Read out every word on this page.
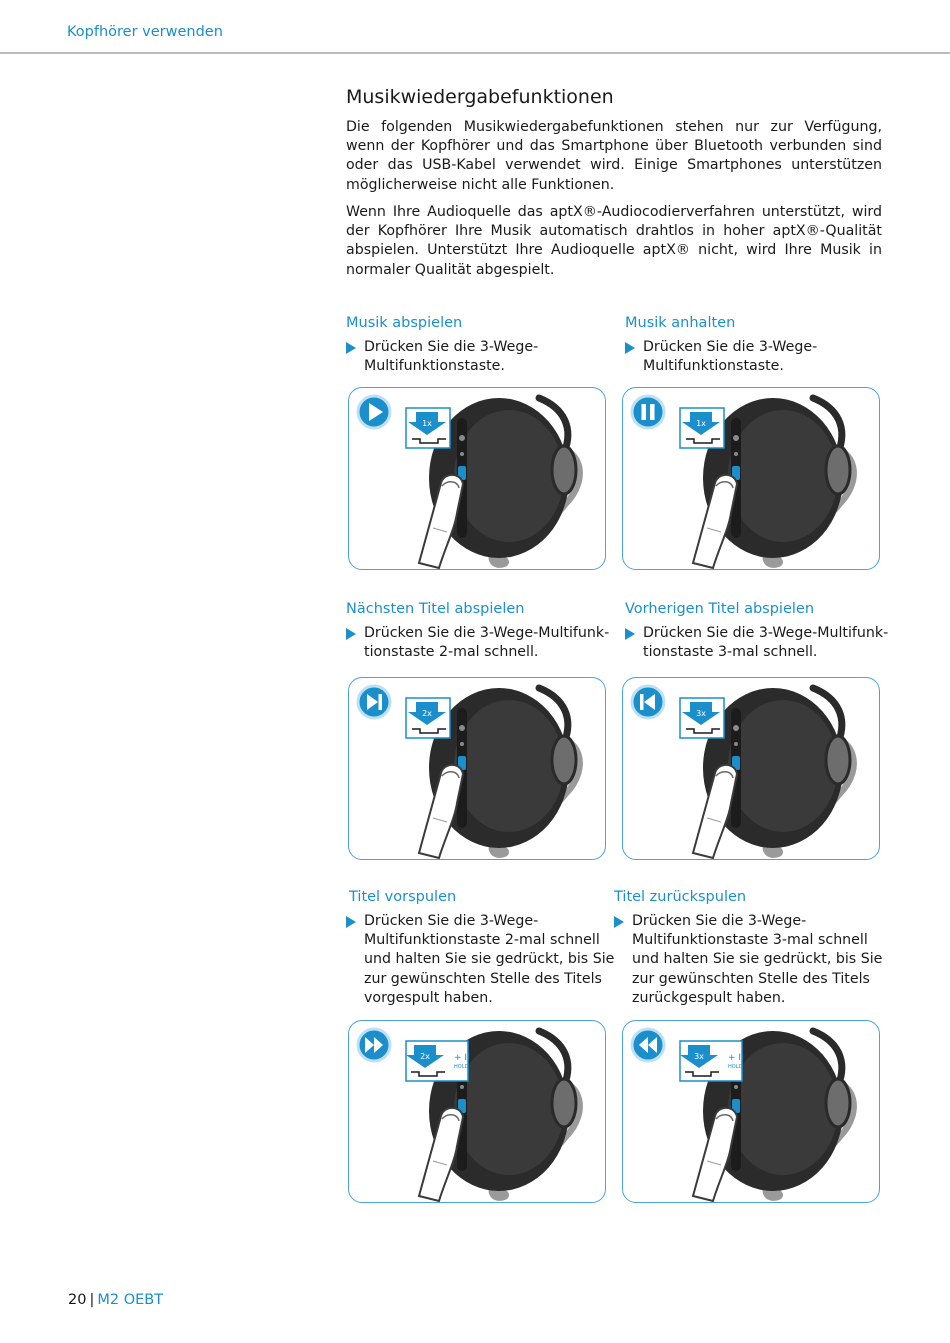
Kopfhörer verwenden
Musikwiedergabefunktionen

Die folgenden Musikwiedergabefunktionen stehen nur zur Verfügung, wenn der Kopfhörer und das Smartphone über Bluetooth verbunden sind oder das USB-Kabel verwendet wird. Einige Smartphones unterstützen möglicherweise nicht alle Funktionen.

Wenn Ihre Audioquelle das aptX®-Audiocodierverfahren unterstützt, wird der Kopfhörer Ihre Musik automatisch drahtlos in hoher aptX®-Qualität abspielen. Unterstützt Ihre Audioquelle aptX® nicht, wird Ihre Musik in normaler Qualität abgespielt.

Musik abspielen
Drücken Sie die 3-Wege-Multifunktionstaste.
1x
Musik anhalten
Drücken Sie die 3-Wege-Multifunktionstaste.
1x
Nächsten Titel abspielen
Drücken Sie die 3-Wege-Multifunk-tionstaste 2-mal schnell.
2x
Vorherigen Titel abspielen
Drücken Sie die 3-Wege-Multifunk-tionstaste 3-mal schnell.
3x
Titel vorspulen
Drücken Sie die 3-Wege-Multifunktionstaste 2-mal schnell und halten Sie sie gedrückt, bis Sie zur gewünschten Stelle des Titels vorgespult haben.
2x	+ II
HOLD
Titel zurückspulen
Drücken Sie die 3-Wege-Multifunktionstaste 3-mal schnell und halten Sie sie gedrückt, bis Sie zur gewünschten Stelle des Titels zurückgespult haben.
3x	+ II
HOLD
20 | M2 OEBT
